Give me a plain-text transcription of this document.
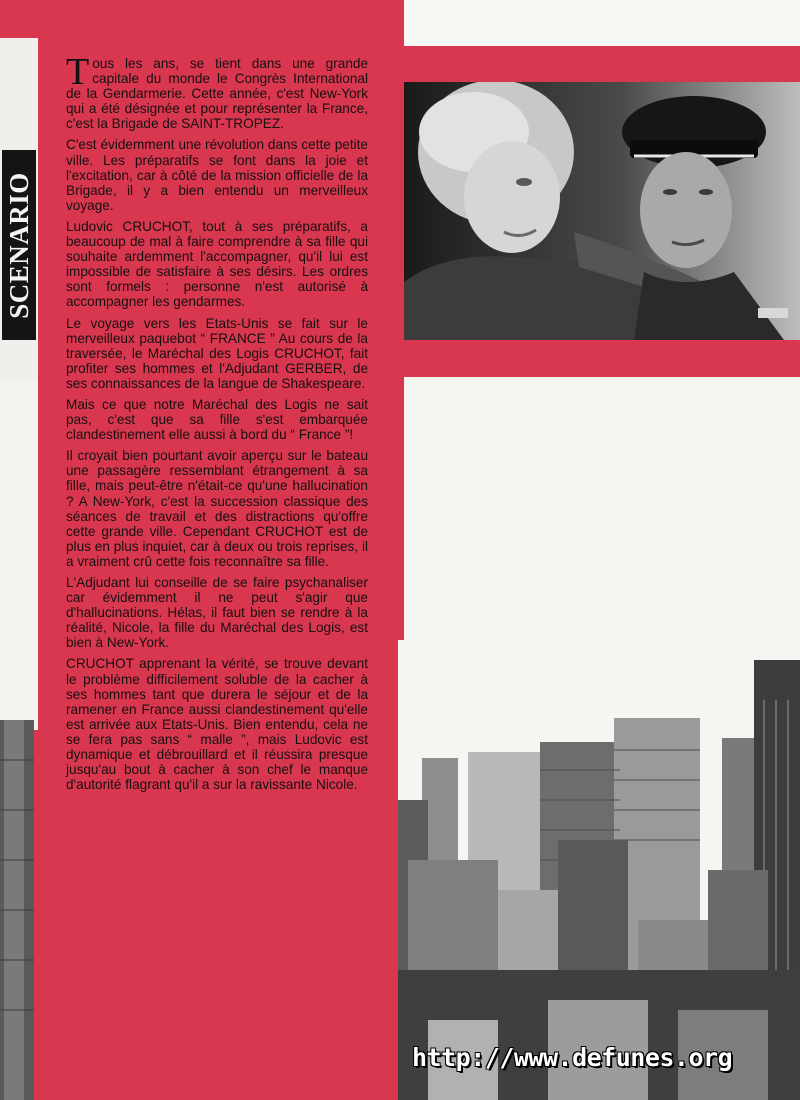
SCENARIO

Tous les ans, se tient dans une grande capitale du monde le Congrès International de la Gendarmerie. Cette année, c'est New-York qui a été désignée et pour représenter la France, c'est la Brigade de SAINT-TROPEZ.

C'est évidemment une révolution dans cette petite ville. Les préparatifs se font dans la joie et l'excitation, car à côté de la mission officielle de la Brigade, il y a bien entendu un merveilleux voyage.

Ludovic CRUCHOT, tout à ses préparatifs, a beaucoup de mal à faire comprendre à sa fille qui souhaite ardemment l'accompagner, qu'il lui est impossible de satisfaire à ses désirs. Les ordres sont formels : personne n'est autorisé à accompagner les gendarmes.

Le voyage vers les Etats-Unis se fait sur le merveilleux paquebot “ FRANCE ” Au cours de la traversée, le Maréchal des Logis CRUCHOT, fait profiter ses hommes et l'Adjudant GERBER, de ses connaissances de la langue de Shakespeare.

Mais ce que notre Maréchal des Logis ne sait pas, c'est que sa fille s'est embarquée clandestinement elle aussi à bord du “ France ”!

Il croyait bien pourtant avoir aperçu sur le bateau une passagère ressemblant étrangement à sa fille, mais peut-être n'était-ce qu'une hallucination ? A New-York, c'est la succession classique des séances de travail et des distractions qu'offre cette grande ville. Cependant CRUCHOT est de plus en plus inquiet, car à deux ou trois reprises, il a vraiment crû cette fois reconnaître sa fille.

L'Adjudant lui conseille de se faire psychanaliser car évidemment il ne peut s'agir que d'hallucinations. Hélas, il faut bien se rendre à la réalité, Nicole, la fille du Maréchal des Logis, est bien à New-York.

CRUCHOT apprenant la vérité, se trouve devant le problème difficilement soluble de la cacher à ses hommes tant que durera le séjour et de la ramener en France aussi clandestinement qu'elle est arrivée aux Etats-Unis. Bien entendu, cela ne se fera pas sans “ malle ”, mais Ludovic est dynamique et débrouillard et il réussira presque jusqu'au bout à cacher à son chef le manque d'autorité flagrant qu'il a sur la ravissante Nicole.

http://www.defunes.org
